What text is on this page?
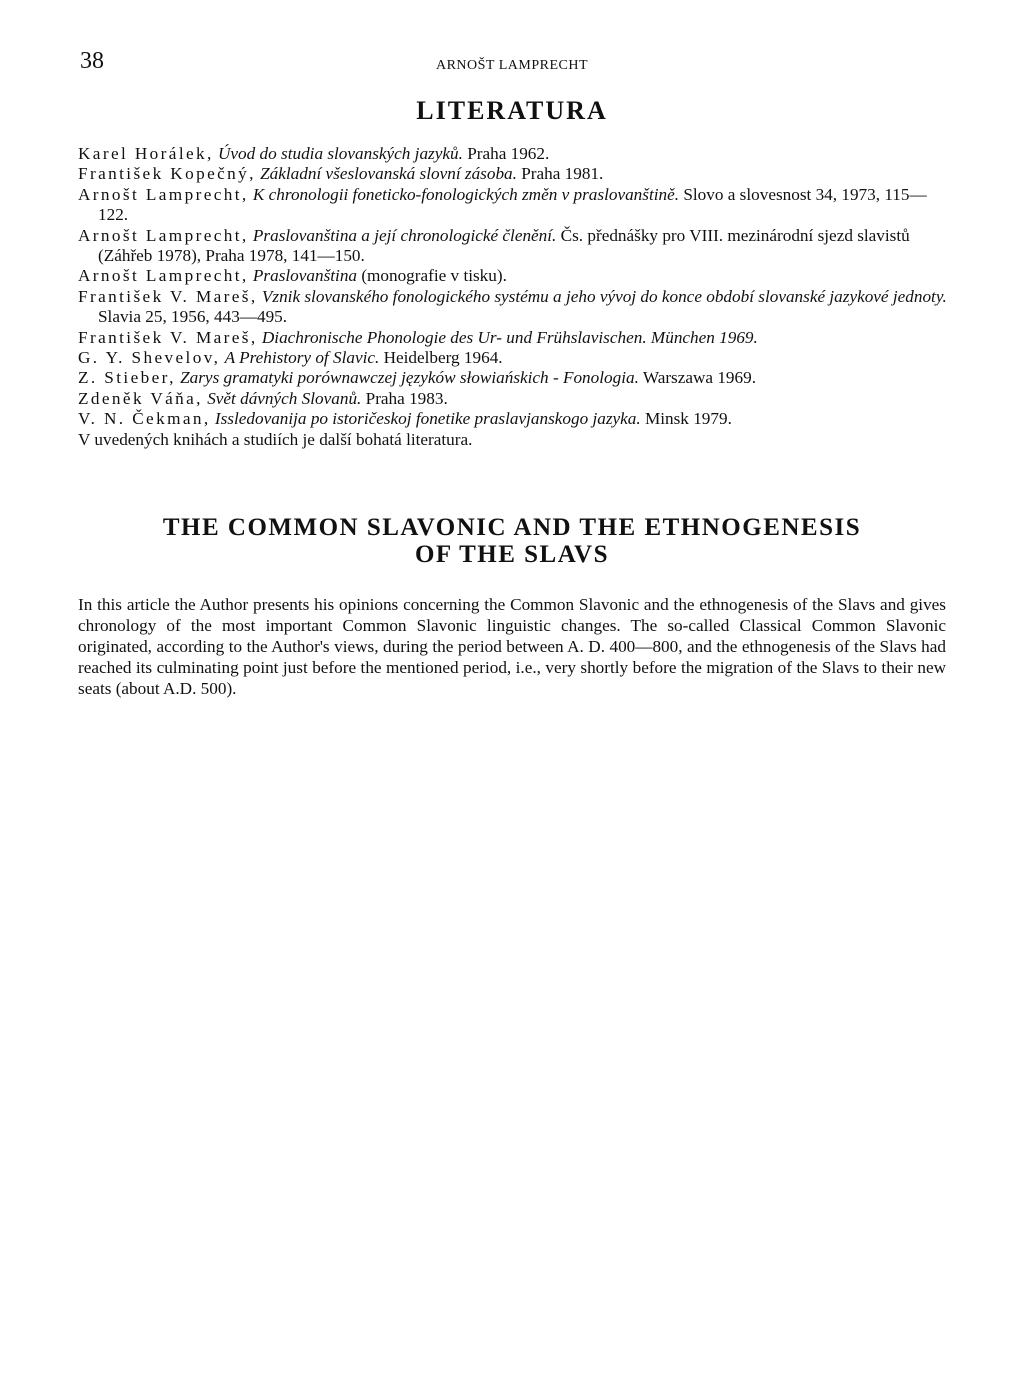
38	ARNOŠT LAMPRECHT
LITERATURA
Karel Horálek, Úvod do studia slovanských jazyků. Praha 1962.
František Kopečný, Základní všeslovanská slovní zásoba. Praha 1981.
Arnošt Lamprecht, K chronologii foneticko-fonologických změn v praslovanštině. Slovo a slovesnost 34, 1973, 115—122.
Arnošt Lamprecht, Praslovanština a její chronologické členění. Čs. přednášky pro VIII. mezinárodní sjezd slavistů (Záhřeb 1978), Praha 1978, 141—150.
Arnošt Lamprecht, Praslovanština (monografie v tisku).
František V. Mareš, Vznik slovanského fonologického systému a jeho vývoj do konce období slovanské jazykové jednoty. Slavia 25, 1956, 443—495.
František V. Mareš, Diachronische Phonologie des Ur- und Frühslavischen. München 1969.
G. Y. Shevelov, A Prehistory of Slavic. Heidelberg 1964.
Z. Stieber, Zarys gramatyki porównawczej języków słowiańskich - Fonologia. Warszawa 1969.
Zdeněk Váňa, Svět dávných Slovanů. Praha 1983.
V. N. Čekman, Issledovanija po istoričeskoj fonetike praslavjanskogo jazyka. Minsk 1979.
V uvedených knihách a studiích je další bohatá literatura.
THE COMMON SLAVONIC AND THE ETHNOGENESIS
OF THE SLAVS

In this article the Author presents his opinions concerning the Common Slavonic and the ethnogenesis of the Slavs and gives chronology of the most important Common Slavonic linguistic changes. The so-called Classical Common Slavonic originated, according to the Author's views, during the period between A. D. 400—800, and the ethnogenesis of the Slavs had reached its culminating point just before the mentioned period, i.e., very shortly before the migration of the Slavs to their new seats (about A.D. 500).
